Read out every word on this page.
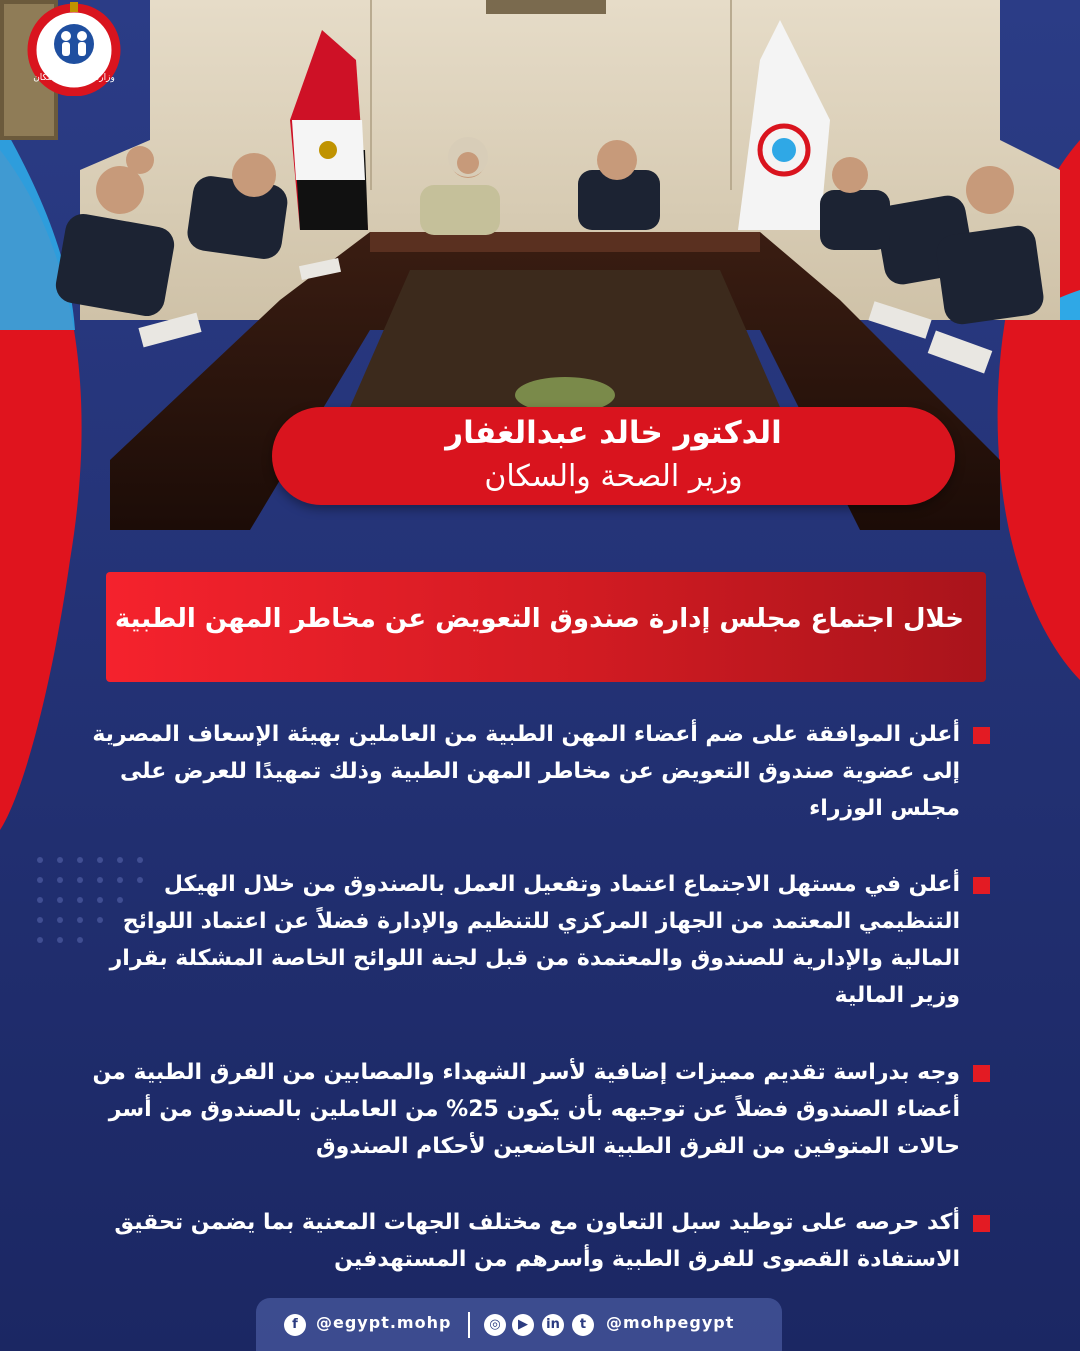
وزارة الصحة والسكان
الدكتور خالد عبدالغفار
وزير الصحة والسكان
خلال اجتماع مجلس إدارة صندوق التعويض عن مخاطر المهن الطبية
أعلن الموافقة على ضم أعضاء المهن الطبية من العاملين بهيئة الإسعاف المصرية إلى عضوية صندوق التعويض عن مخاطر المهن الطبية وذلك تمهيدًا للعرض على مجلس الوزراء
أعلن في مستهل الاجتماع اعتماد وتفعيل العمل بالصندوق من خلال الهيكل التنظيمي المعتمد من الجهاز المركزي للتنظيم والإدارة فضلاً عن اعتماد اللوائح المالية والإدارية للصندوق والمعتمدة من قبل لجنة اللوائح الخاصة المشكلة بقرار وزير المالية
وجه بدراسة تقديم مميزات إضافية لأسر الشهداء والمصابين من الفرق الطبية من أعضاء الصندوق فضلاً عن توجيهه بأن يكون 25% من العاملين بالصندوق من أسر حالات المتوفين من الفرق الطبية الخاضعين لأحكام الصندوق
أكد حرصه على توطيد سبل التعاون مع مختلف الجهات المعنية بما يضمن تحقيق الاستفادة القصوى للفرق الطبية وأسرهم من المستهدفين
f	@egypt.mohp	◎	▶	in	t	@mohpegypt
